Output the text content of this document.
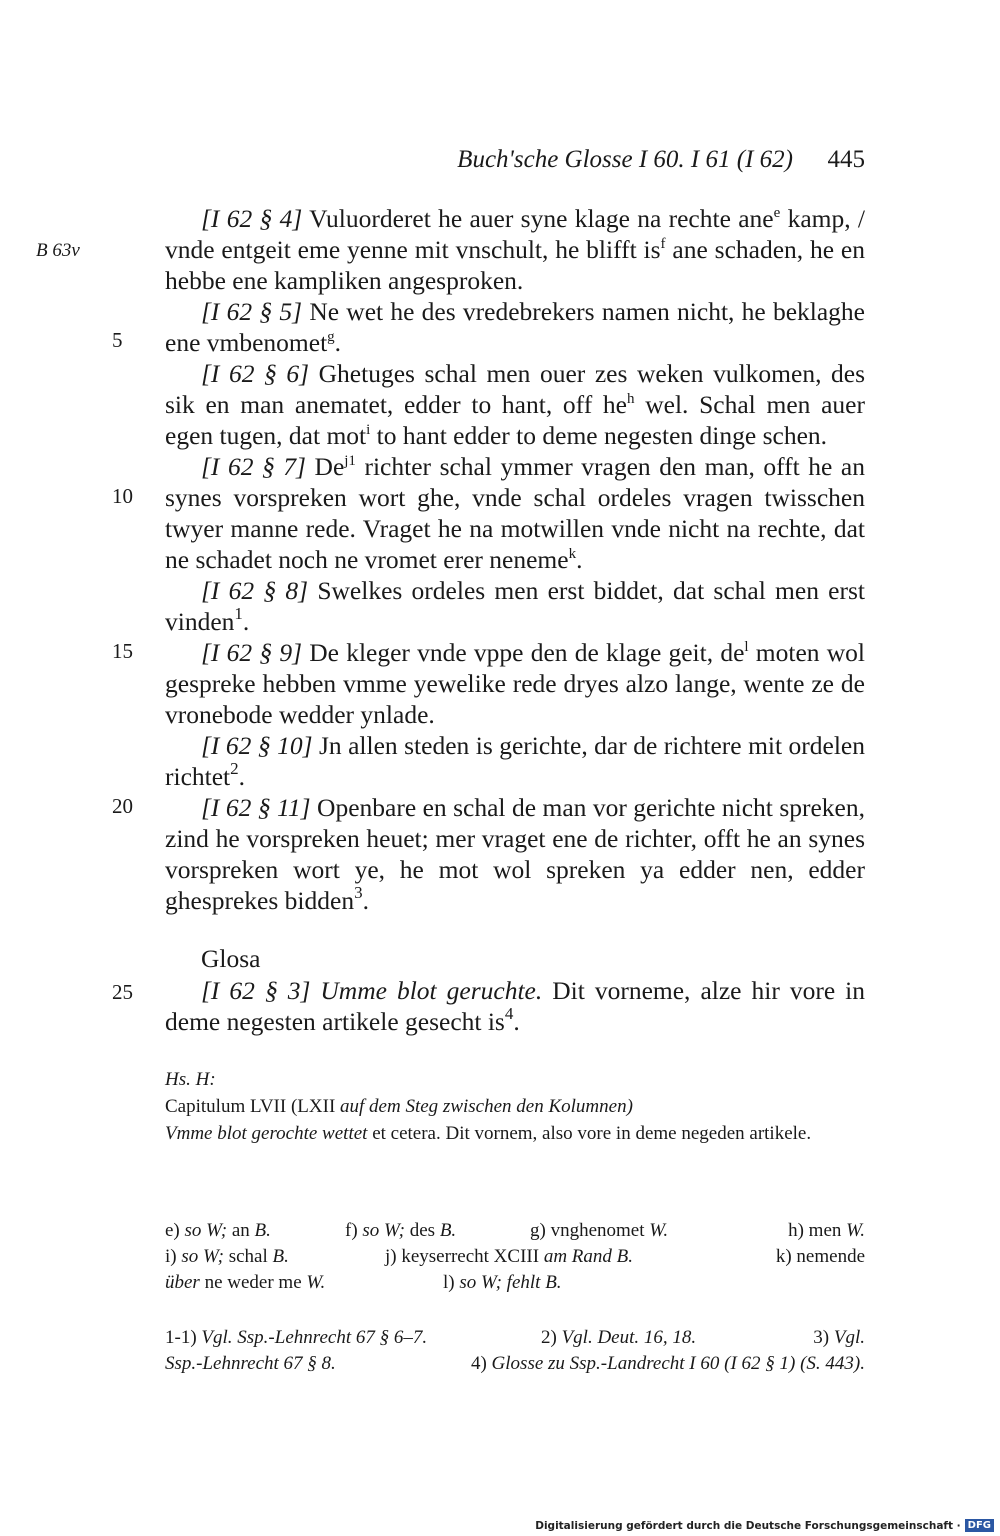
Buch'sche Glosse I 60. I 61 (I 62) 445
B 63v
5
10
15
20
25

[I 62 § 4] Vuluorderet he auer syne klage na rechte ane$^e$ kamp, / vnde entgeit eme yenne mit vnschult, he blifft $is^f$ ane schaden, he en hebbe ene kampliken angesproken.

[I 62 § 5] Ne wet he des vredebrekers namen nicht, he beklaghe ene vmbenomet$^g$.

[I 62 § 6] Ghetuges schal men ouer zes weken vulkomen, des sik en man anematet, edder to hant, off $he^h$ wel. Schal men auer egen tugen, dat mot$^i$ to hant edder to deme negesten dinge schen.

[I 62 § 7] $De^{j1}$ richter schal ymmer vragen den man, offt he an synes vorspreken wort ghe, vnde schal ordeles vragen twisschen twyer manne rede. Vraget he na motwillen vnde nicht na rechte, dat ne schadet noch ne vromet erer neneme$^k$.

[I 62 § 8] Swelkes ordeles men erst biddet, dat schal men erst vinden$^1$.

[I 62 § 9] De kleger vnde vppe den de klage geit, $de^l$ moten wol gespreke hebben vmme yewelike rede dryes alzo lange, wente ze de vronebode wedder ynlade.

[I 62 § 10] Jn allen steden is gerichte, dar de richtere mit ordelen richtet$^2$.

[I 62 § 11] Openbare en schal de man vor gerichte nicht spreken, zind he vorspreken heuet; mer vraget ene de richter, offt he an synes vorspreken wort ye, he mot wol spreken ya edder nen, edder ghesprekes bidden$^3$.

Glosa

[I 62 § 3] Umme blot geruchte. Dit vorneme, alze hir vore in deme negesten artikele gesecht $is^4$.

Hs. H:

Capitulum LVII (LXII auf dem Steg zwischen den Kolumnen)

Vmme blot gerochte wettet et cetera. Dit vornem, also vore in deme negeden artikele.

e) so W; an B.	f) so W; des B.	g) vnghenomet W.	h) men W.
i) so W; schal B.	j) keyserrecht XCIII am Rand B.	k) nemende
über ne weder me W.	l) so W; fehlt B.
1-1) Vgl. Ssp.-Lehnrecht 67 § 6–7.	2) Vgl. Deut. 16, 18.	3) Vgl.
Ssp.-Lehnrecht 67 § 8.	4) Glosse zu Ssp.-Landrecht I 60 (I 62 § 1) (S. 443).
Digitalisierung gefördert durch die Deutsche Forschungsgemeinschaft · DFG
